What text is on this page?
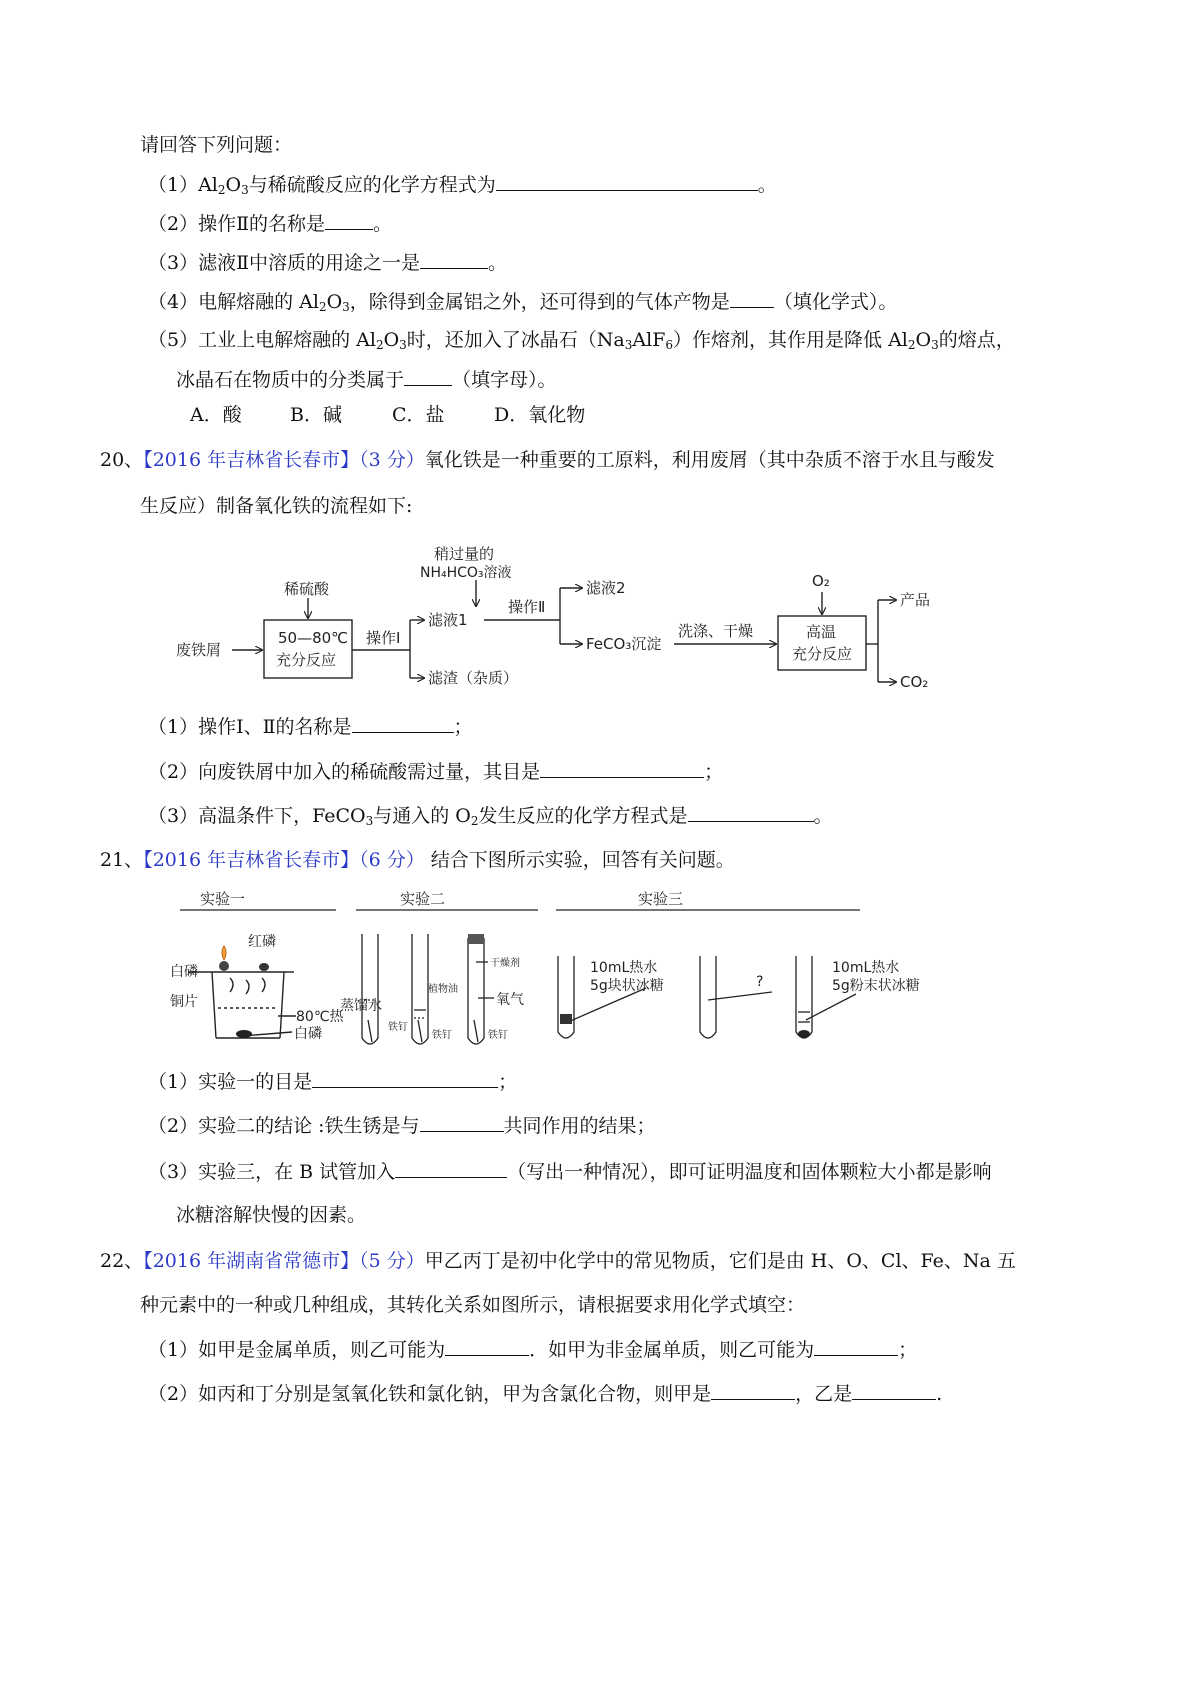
请回答下列问题：
$(1)Al_2O_3$与稀硫酸反应的化学方程式为	。
（2）操作Ⅱ的名称是	。
（3）滤液Ⅱ中溶质的用途之一是	。
（4）电解熔融的 $Al_2O_3$，除得到金属铝之外，还可得到的气体产物是 （填化学式）。
（5）工业上电解熔融的 $Al_2O_3$时，还加入了冰晶石$(Na_3AlF_6)$作熔剂，其作用是降低 $Al_2O_3$的熔点，
冰晶石在物质中的分类属于	（填字母）。
A．酸	B．碱	C．盐	D．氧化物
20、【2016 年吉林省长春市】（3 分）氧化铁是一种重要的工原料，利用废屑（其中杂质不溶于水且与酸发
生反应）制备氧化铁的流程如下:
废铁屑
稀硫酸
50—80℃
充分反应
操作Ⅰ
滤液1
滤渣（杂质）
稍过量的
NH₄HCO₃溶液
操作Ⅱ
滤液2
FeCO₃沉淀
洗涤、干燥
O₂
高温
充分反应
产品
CO₂
（1）操作Ⅰ、Ⅱ的名称是	；
（2）向废铁屑中加入的稀硫酸需过量，其目是	；
（3）高温条件下，FeCO$_3$与通入的 $O_2$发生反应的化学方程式是	。
21、【2016 年吉林省长春市】（6 分） 结合下图所示实验，回答有关问题。
实验一	实验二	实验三
红磷
白磷
铜片
80℃热
白磷
蒸馏水
植物油
干燥剂
氧气
铁钉
铁钉	铁钉
10mL热水
5g块状冰糖	?
10mL热水
5g粉末状冰糖
（1）实验一的目是	；
（2）实验二的结论 :铁生锈是与	共同作用的结果；
（3）实验三，在 B 试管加入	（写出一种情况），即可证明温度和固体颗粒大小都是影响
冰糖溶解快慢的因素。
22、【2016 年湖南省常德市】（5 分）甲乙丙丁是初中化学中的常见物质，它们是由 H、O、Cl、Fe、Na 五
种元素中的一种或几种组成，其转化关系如图所示，请根据要求用化学式填空：
（1）如甲是金属单质，则乙可能为	．如甲为非金属单质，则乙可能为	；
（2）如丙和丁分别是氢氧化铁和氯化钠，甲为含氯化合物，则甲是	，乙是	.
